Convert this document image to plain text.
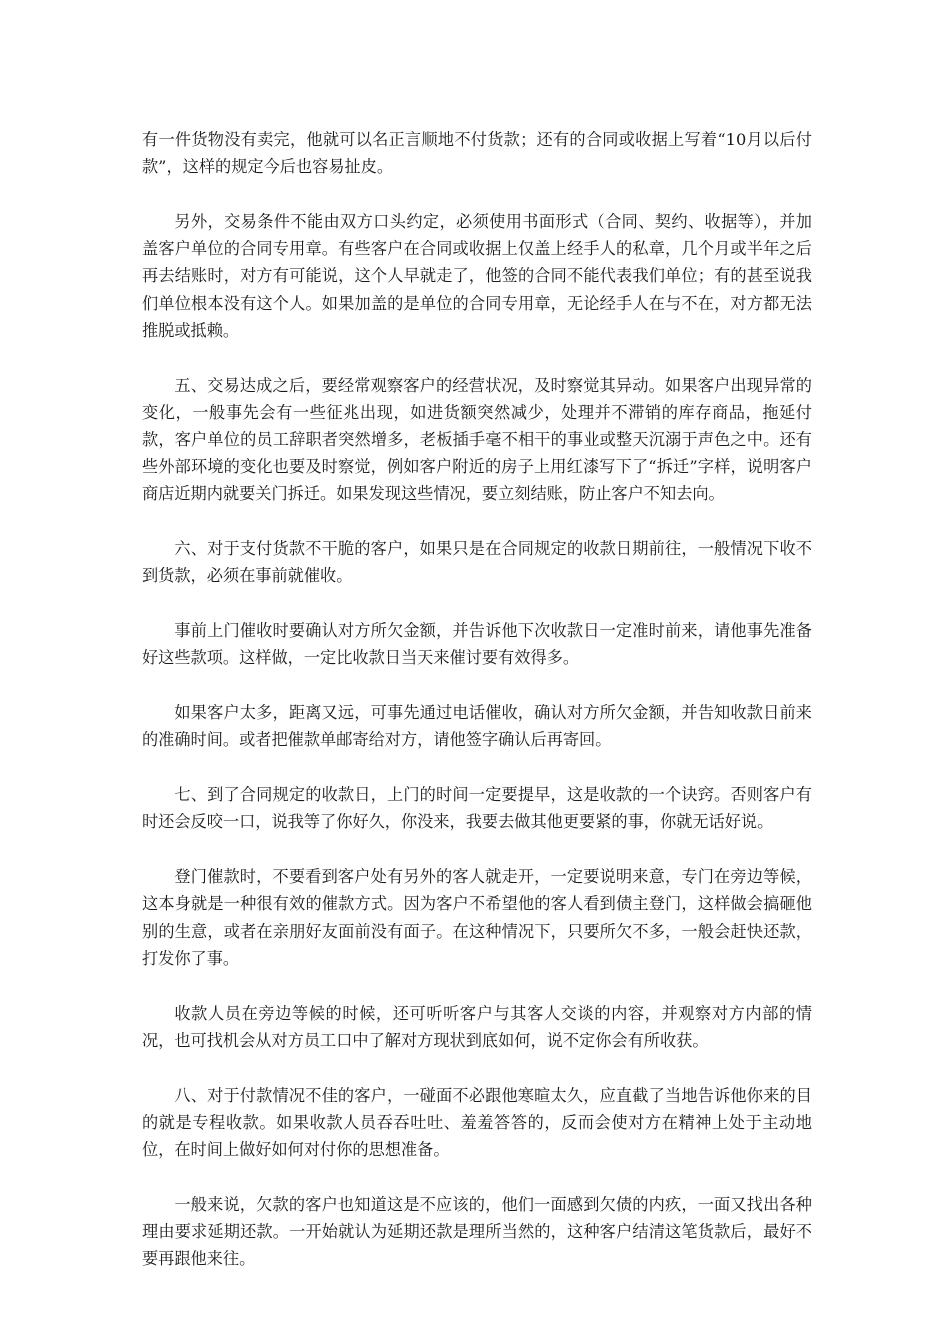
有一件货物没有卖完，他就可以名正言顺地不付货款；还有的合同或收据上写着“10月以后付款”，这样的规定今后也容易扯皮。

另外，交易条件不能由双方口头约定，必须使用书面形式（合同、契约、收据等），并加盖客户单位的合同专用章。有些客户在合同或收据上仅盖上经手人的私章，几个月或半年之后再去结账时，对方有可能说，这个人早就走了，他签的合同不能代表我们单位；有的甚至说我们单位根本没有这个人。如果加盖的是单位的合同专用章，无论经手人在与不在，对方都无法推脱或抵赖。

五、交易达成之后，要经常观察客户的经营状况，及时察觉其异动。如果客户出现异常的变化，一般事先会有一些征兆出现，如进货额突然减少，处理并不滞销的库存商品，拖延付款，客户单位的员工辞职者突然增多，老板插手毫不相干的事业或整天沉溺于声色之中。还有些外部环境的变化也要及时察觉，例如客户附近的房子上用红漆写下了“拆迁”字样，说明客户商店近期内就要关门拆迁。如果发现这些情况，要立刻结账，防止客户不知去向。

六、对于支付货款不干脆的客户，如果只是在合同规定的收款日期前往，一般情况下收不到货款，必须在事前就催收。

事前上门催收时要确认对方所欠金额，并告诉他下次收款日一定准时前来，请他事先准备好这些款项。这样做，一定比收款日当天来催讨要有效得多。

如果客户太多，距离又远，可事先通过电话催收，确认对方所欠金额，并告知收款日前来的准确时间。或者把催款单邮寄给对方，请他签字确认后再寄回。

七、到了合同规定的收款日，上门的时间一定要提早，这是收款的一个诀窍。否则客户有时还会反咬一口，说我等了你好久，你没来，我要去做其他更要紧的事，你就无话好说。

登门催款时，不要看到客户处有另外的客人就走开，一定要说明来意，专门在旁边等候，这本身就是一种很有效的催款方式。因为客户不希望他的客人看到债主登门，这样做会搞砸他别的生意，或者在亲朋好友面前没有面子。在这种情况下，只要所欠不多，一般会赶快还款，打发你了事。

收款人员在旁边等候的时候，还可听听客户与其客人交谈的内容，并观察对方内部的情况，也可找机会从对方员工口中了解对方现状到底如何，说不定你会有所收获。

八、对于付款情况不佳的客户，一碰面不必跟他寒暄太久，应直截了当地告诉他你来的目的就是专程收款。如果收款人员吞吞吐吐、羞羞答答的，反而会使对方在精神上处于主动地位，在时间上做好如何对付你的思想准备。

一般来说，欠款的客户也知道这是不应该的，他们一面感到欠债的内疚，一面又找出各种理由要求延期还款。一开始就认为延期还款是理所当然的，这种客户结清这笔货款后，最好不要再跟他来往。
